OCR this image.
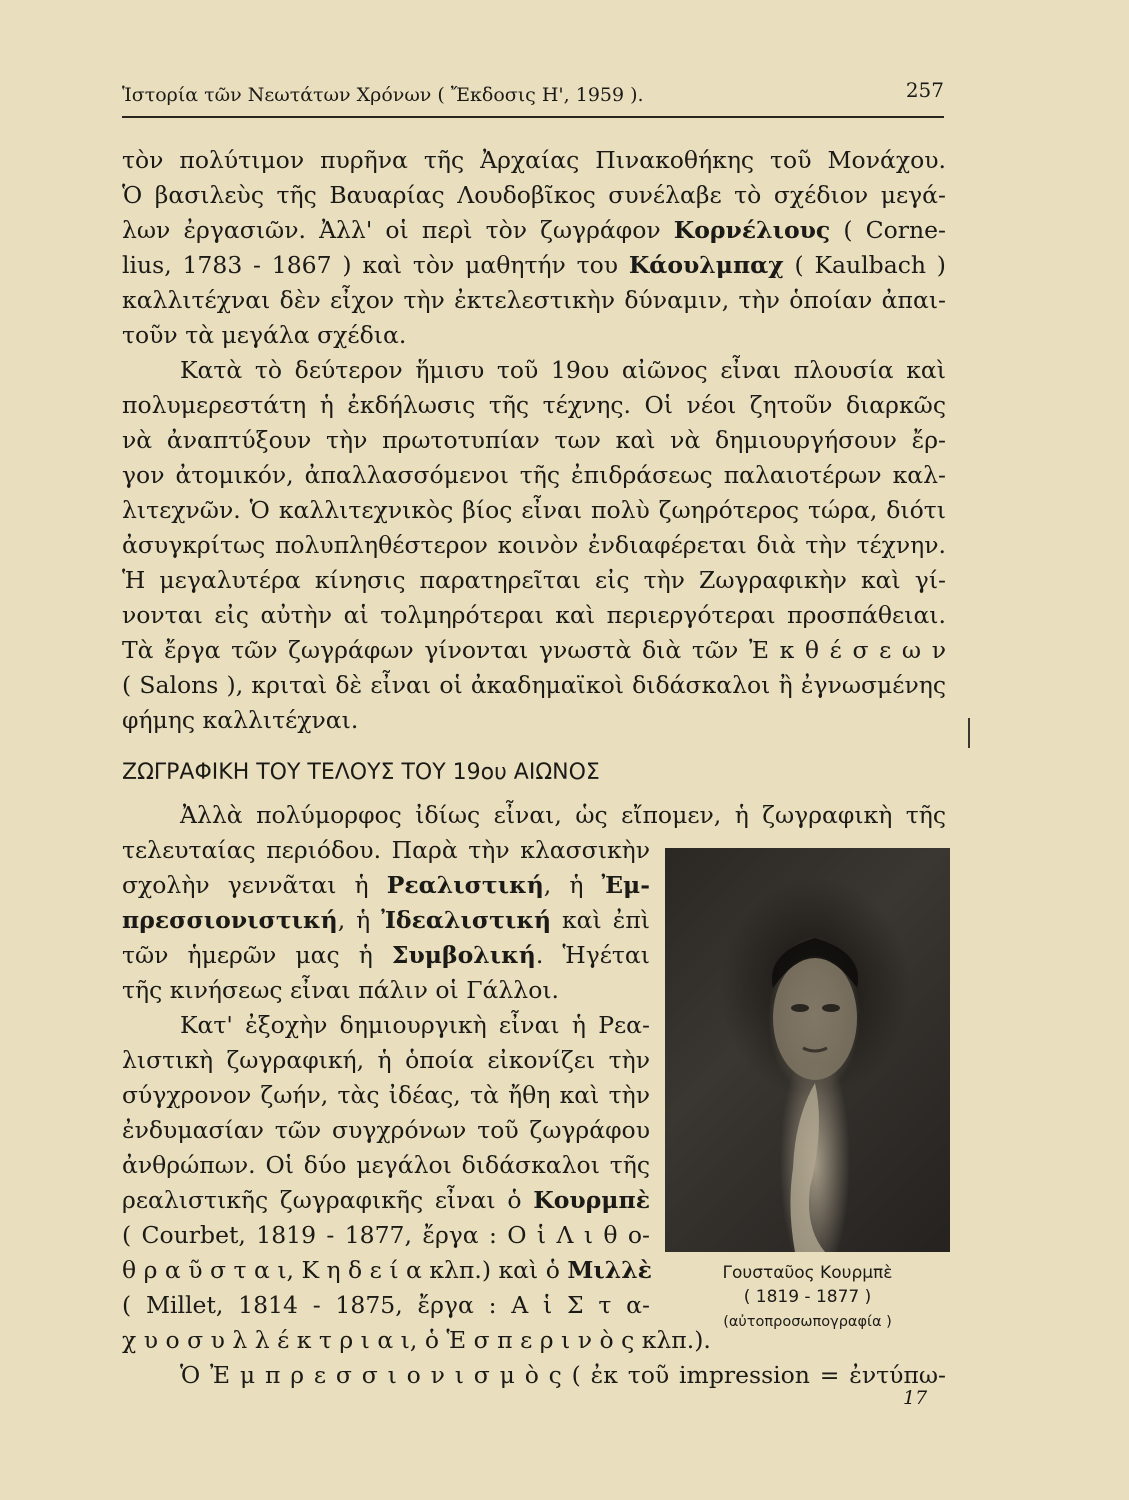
Ἱστορία τῶν Νεωτάτων Χρόνων ( Ἔκδοσις Η', 1959 ).	257
τὸν πολύτιμον πυρῆνα τῆς Ἀρχαίας Πινακοθήκης τοῦ Μονάχου.
Ὁ βασιλεὺς τῆς Βαυαρίας Λουδοβῖκος συνέλαβε τὸ σχέδιον μεγά-
λων ἐργασιῶν. Ἀλλ' οἱ περὶ τὸν ζωγράφον Κορνέλιους ( Corne-
lius, 1783 - 1867 ) καὶ τὸν μαθητήν του Κάουλμπαχ ( Kaulbach )
καλλιτέχναι δὲν εἶχον τὴν ἐκτελεστικὴν δύναμιν, τὴν ὁποίαν ἀπαι-
τοῦν τὰ μεγάλα σχέδια.
Κατὰ τὸ δεύτερον ἥμισυ τοῦ 19ου αἰῶνος εἶναι πλουσία καὶ
πολυμερεστάτη ἡ ἐκδήλωσις τῆς τέχνης. Οἱ νέοι ζητοῦν διαρκῶς
νὰ ἀναπτύξουν τὴν πρωτοτυπίαν των καὶ νὰ δημιουργήσουν ἔρ-
γον ἀτομικόν, ἀπαλλασσόμενοι τῆς ἐπιδράσεως παλαιοτέρων καλ-
λιτεχνῶν. Ὁ καλλιτεχνικὸς βίος εἶναι πολὺ ζωηρότερος τώρα, διότι
ἀσυγκρίτως πολυπληθέστερον κοινὸν ἐνδιαφέρεται διὰ τὴν τέχνην.
Ἡ μεγαλυτέρα κίνησις παρατηρεῖται εἰς τὴν Ζωγραφικὴν καὶ γί-
νονται εἰς αὐτὴν αἱ τολμηρότεραι καὶ περιεργότεραι προσπάθειαι.
Τὰ ἔργα τῶν ζωγράφων γίνονται γνωστὰ διὰ τῶν Ἐ κ θ έ σ ε ω ν
( Salons ), κριταὶ δὲ εἶναι οἱ ἀκαδημαϊκοὶ διδάσκαλοι ἢ ἐγνωσμένης
φήμης καλλιτέχναι.
ΖΩΓΡΑΦΙΚΗ ΤΟΥ ΤΕΛΟΥΣ ΤΟΥ 19ου ΑΙΩΝΟΣ
Ἀλλὰ πολύμορφος ἰδίως εἶναι, ὡς εἴπομεν, ἡ ζωγραφικὴ τῆς
τελευταίας περιόδου. Παρὰ τὴν κλασσικὴν
σχολὴν γεννᾶται ἡ Ρεαλιστική, ἡ Ἐμ-
πρεσσιονιστική, ἡ Ἰδεαλιστική καὶ ἐπὶ
τῶν ἡμερῶν μας ἡ Συμβολική. Ἡγέται
τῆς κινήσεως εἶναι πάλιν οἱ Γάλλοι.
Κατ' ἐξοχὴν δημιουργικὴ εἶναι ἡ Ρεα-
λιστικὴ ζωγραφική, ἡ ὁποία εἰκονίζει τὴν
σύγχρονον ζωήν, τὰς ἰδέας, τὰ ἤθη καὶ τὴν
ἐνδυμασίαν τῶν συγχρόνων τοῦ ζωγράφου
ἀνθρώπων. Οἱ δύο μεγάλοι διδάσκαλοι τῆς
ρεαλιστικῆς ζωγραφικῆς εἶναι ὁ Κουρμπὲ
( Courbet, 1819 - 1877, ἔργα : Ο ἱ Λ ι θ ο-
θ ρ α ῦ σ τ α ι, Κ η δ ε ί α κλπ.) καὶ ὁ Μιλλὲ
( Millet, 1814 - 1875, ἔργα : Α ἱ Σ τ α-
χ υ ο σ υ λ λ έ κ τ ρ ι α ι, ὁ Ἑ σ π ε ρ ι ν ὸ ς κλπ.).
Ὁ Ἐ μ π ρ ε σ σ ι ο ν ι σ μ ὸ ς ( ἐκ τοῦ impression = ἐντύπω-
Γουσταῦος Κουρμπὲ
( 1819 - 1877 )
(αὐτοπροσωπογραφία )
17
